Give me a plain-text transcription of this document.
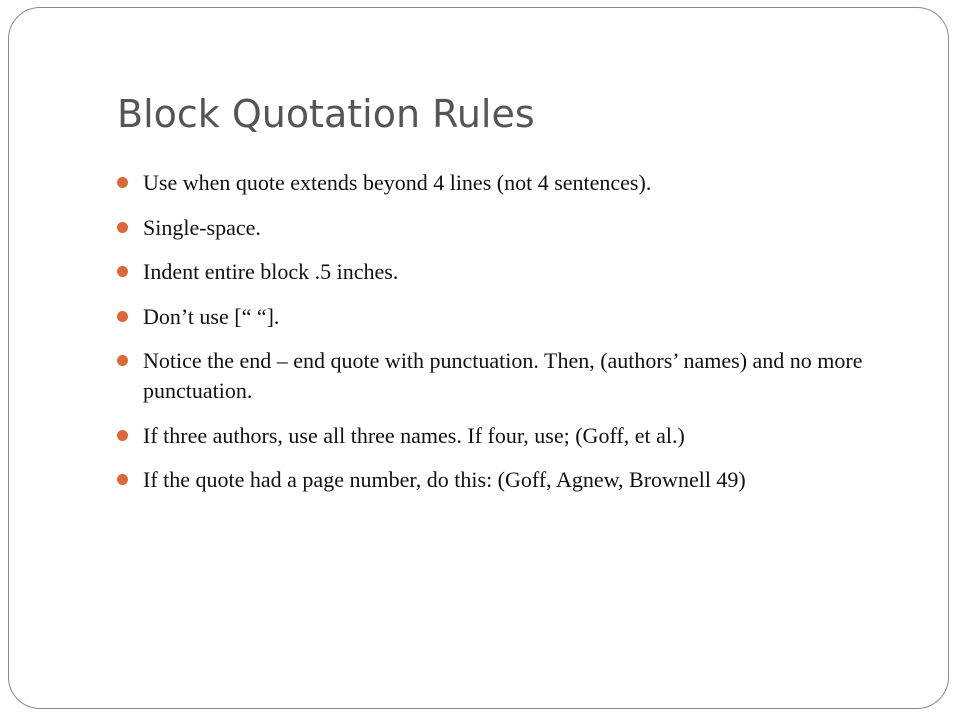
Block Quotation Rules
Use when quote extends beyond 4 lines (not 4 sentences).
Single-space.
Indent entire block .5 inches.
Don’t use [“ “].
Notice the end – end quote with punctuation. Then, (authors’ names) and no more punctuation.
If three authors, use all three names. If four, use; (Goff, et al.)
If the quote had a page number, do this: (Goff, Agnew, Brownell 49)
